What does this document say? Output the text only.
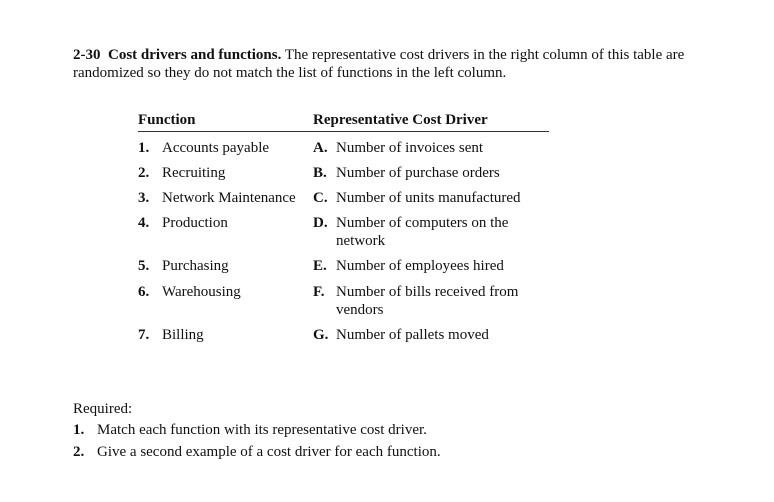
2-30 Cost drivers and functions. The representative cost drivers in the right column of this table are randomized so they do not match the list of functions in the left column.
Function	Representative Cost Driver
1. Accounts payable	A. Number of invoices sent
2. Recruiting	B. Number of purchase orders
3. Network Maintenance C. Number of units manufactured
4. Production	D. Number of computers on the network
5. Purchasing	E. Number of employees hired
6. Warehousing	F. Number of bills received from vendors
7. Billing	G. Number of pallets moved
Required:
1. Match each function with its representative cost driver.
2. Give a second example of a cost driver for each function.
